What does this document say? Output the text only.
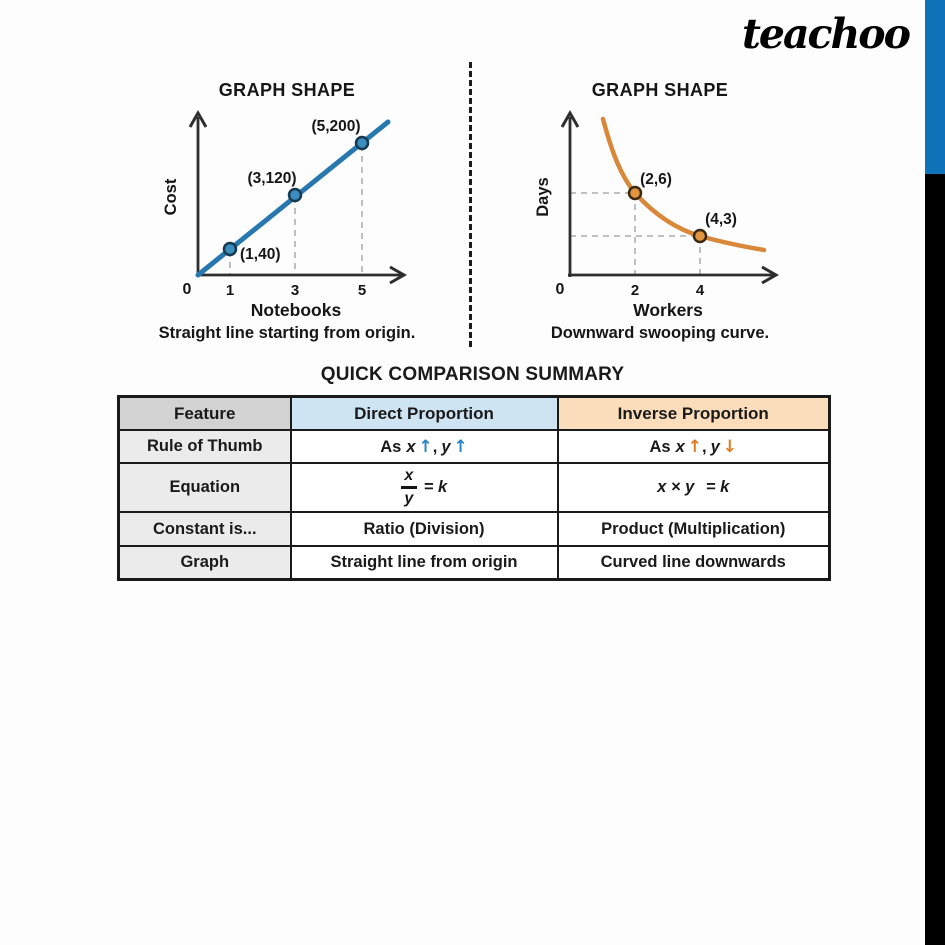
teachoo
GRAPH SHAPE
(1,40)
(3,120)
(5,200)
0 1	3	5
Notebooks
Cost
Straight line starting from origin.
GRAPH SHAPE
(2,6)
(4,3)
0	2	4
Workers
Days
Downward swooping curve.
QUICK COMPARISON SUMMARY
Feature	Direct Proportion	Inverse Proportion
Rule of Thumb	As x ↑, y ↑	As x ↑, y ↓
Equation	$\frac{x}{y} = k$	x × y = k
Constant is...	Ratio (Division)	Product (Multiplication)
Graph	Straight line from origin	Curved line downwards
